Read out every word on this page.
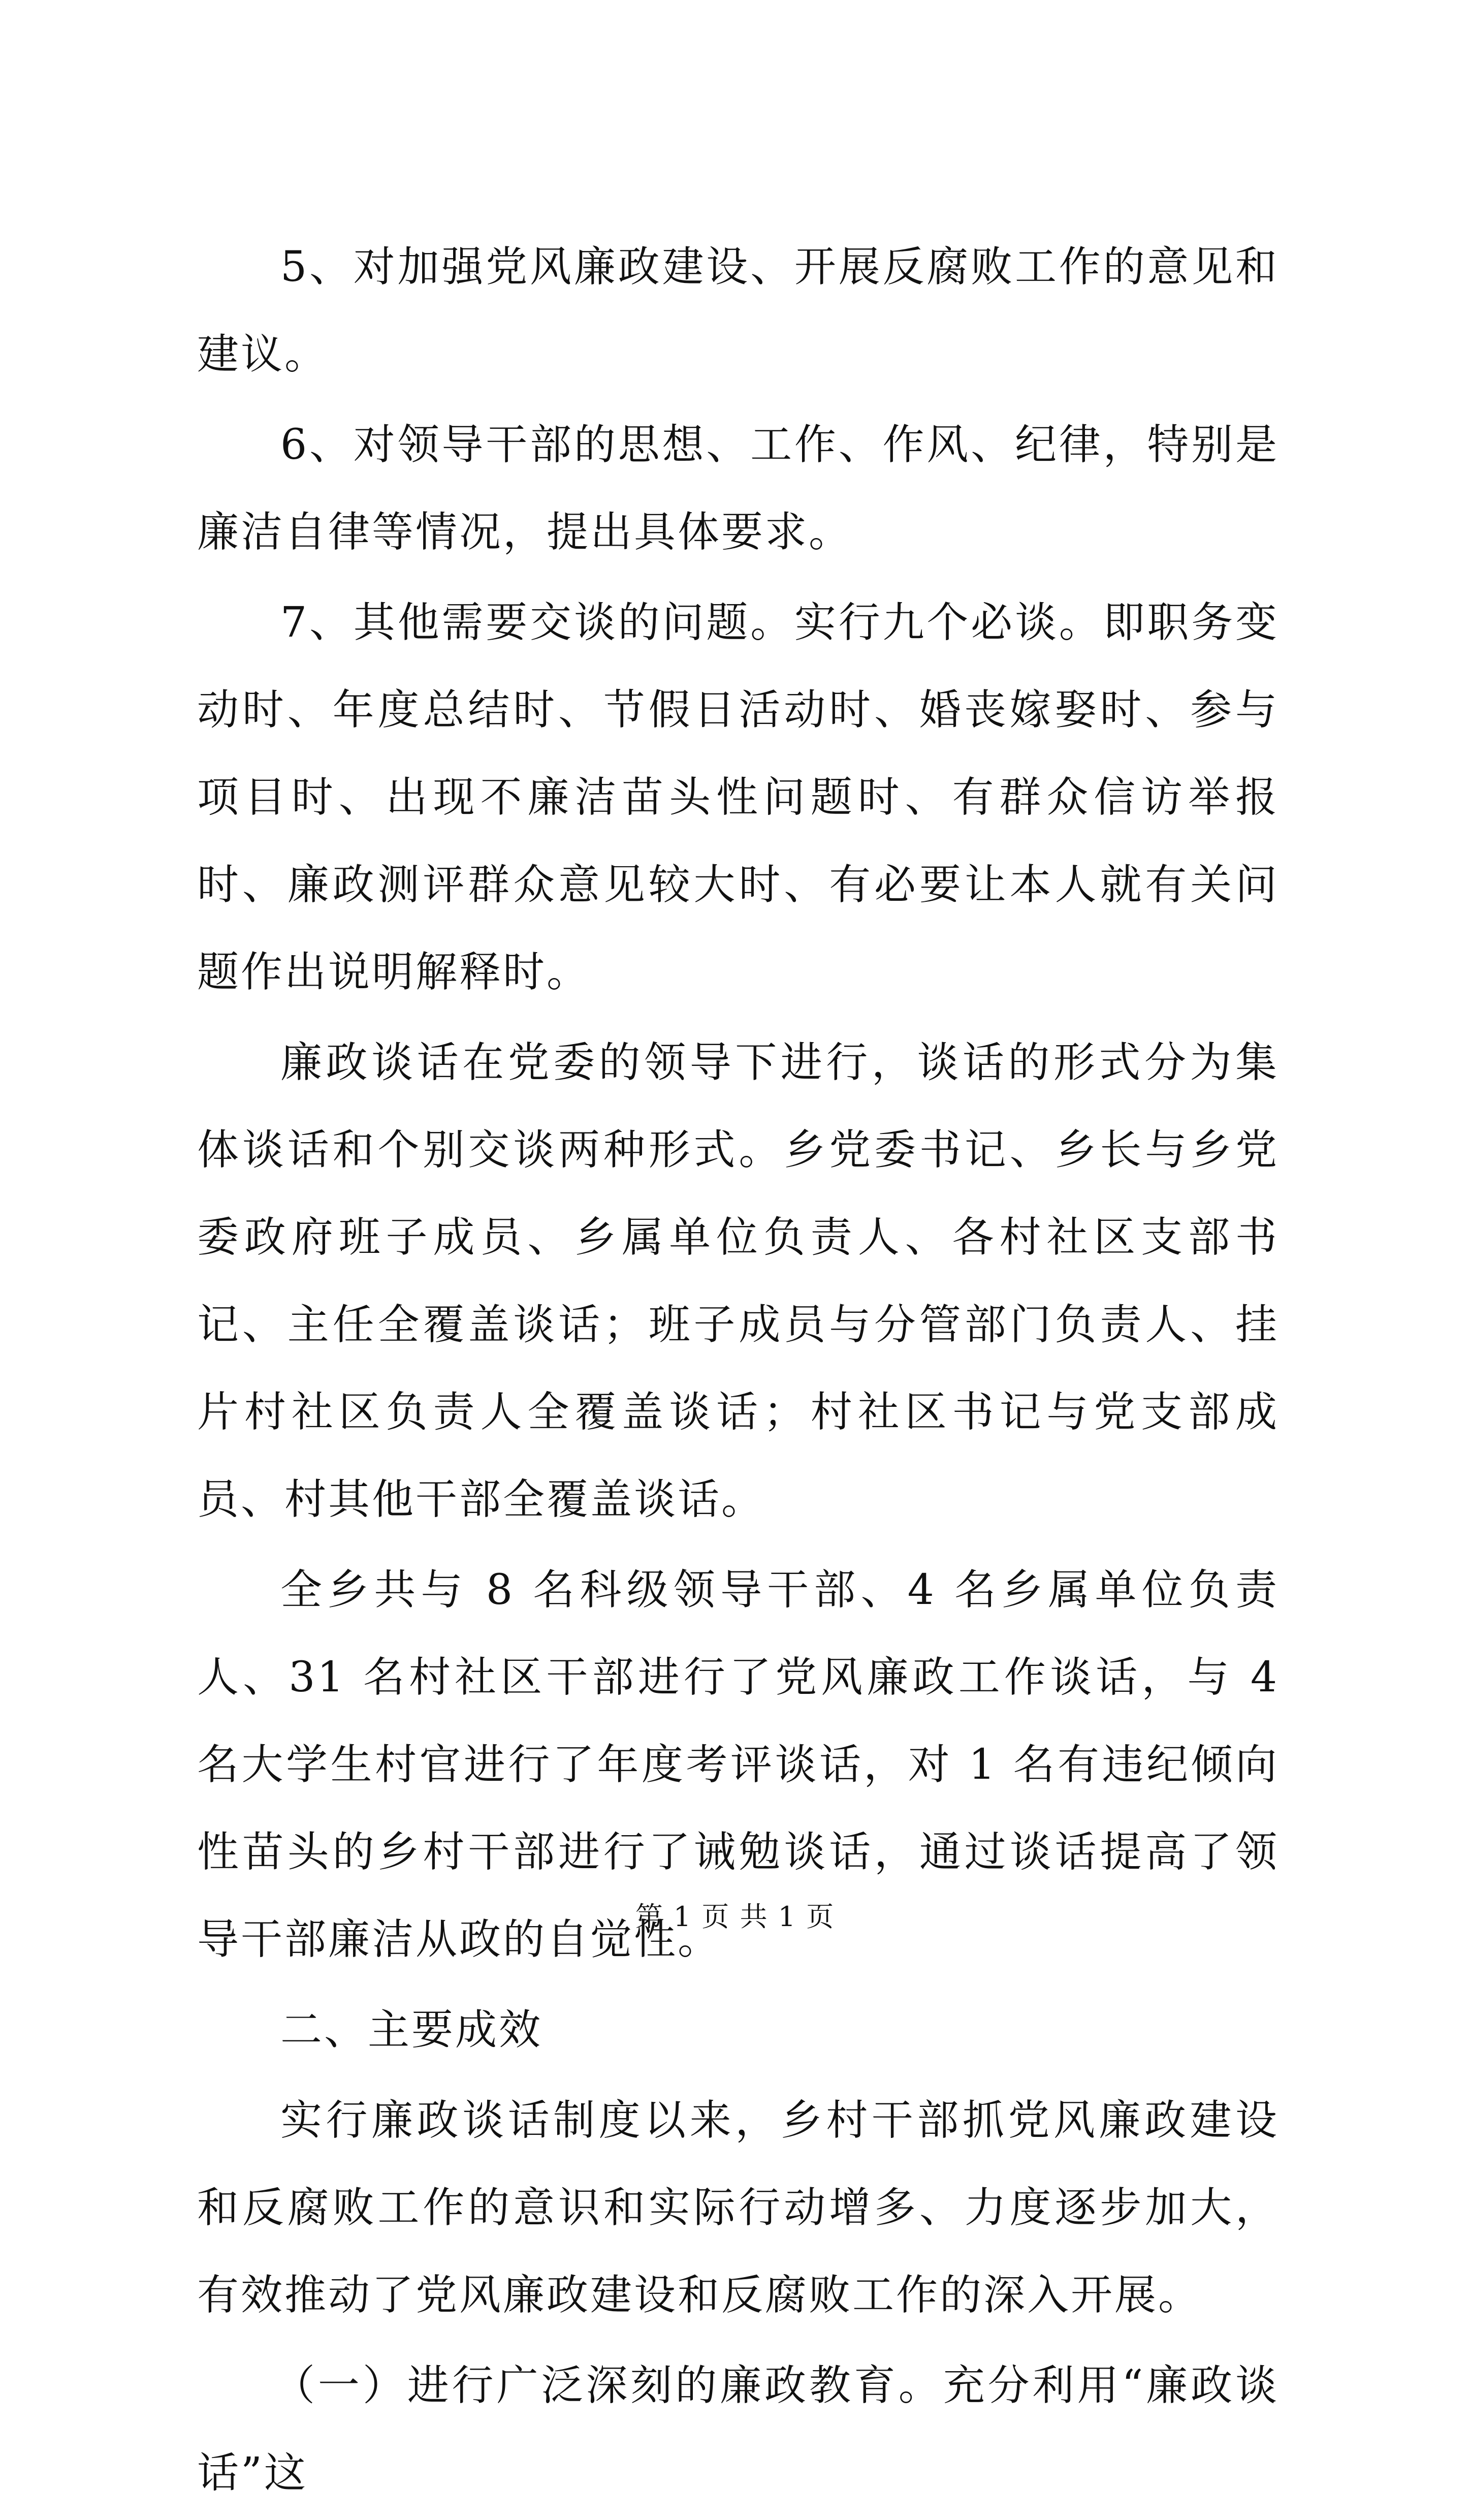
5、对加强党风廉政建设、开展反腐败工作的意见和建议。

6、对领导干部的思想、工作、作风、纪律，特别是廉洁自律等情况，提出具体要求。

7、其他需要交谈的问题。实行九个必谈。即职务变动时、年度总结时、节假日活动时、婚丧嫁娶时、参与项目时、出现不廉洁苗头性问题时、有群众信访举报时、廉政测评群众意见较大时、有必要让本人就有关问题作出说明解释时。

廉政谈话在党委的领导下进行，谈话的形式分为集体谈话和个别交谈两种形式。乡党委书记、乡长与乡党委政府班子成员、乡属单位负责人、各村社区支部书记、主任全覆盖谈话；班子成员与分管部门负责人、挂片村社区负责人全覆盖谈话；村社区书记与党支部成员、村其他干部全覆盖谈话。

全乡共与 8 名科级领导干部、4 名乡属单位负责人、31 名村社区干部进行了党风廉政工作谈话，与 4 名大学生村官进行了年度考评谈话，对 1 名有违纪倾向性苗头的乡村干部进行了诫勉谈话，通过谈话提高了领导干部廉洁从政的自觉性。

二、主要成效

实行廉政谈话制度以来，乡村干部抓党风廉政建设和反腐败工作的意识和实际行动增多、力度逐步加大，有效推动了党风廉政建设和反腐败工作的深入开展。

（一）进行广泛深刻的廉政教育。充分利用“廉政谈话”这

第 1 页 共 1 页
